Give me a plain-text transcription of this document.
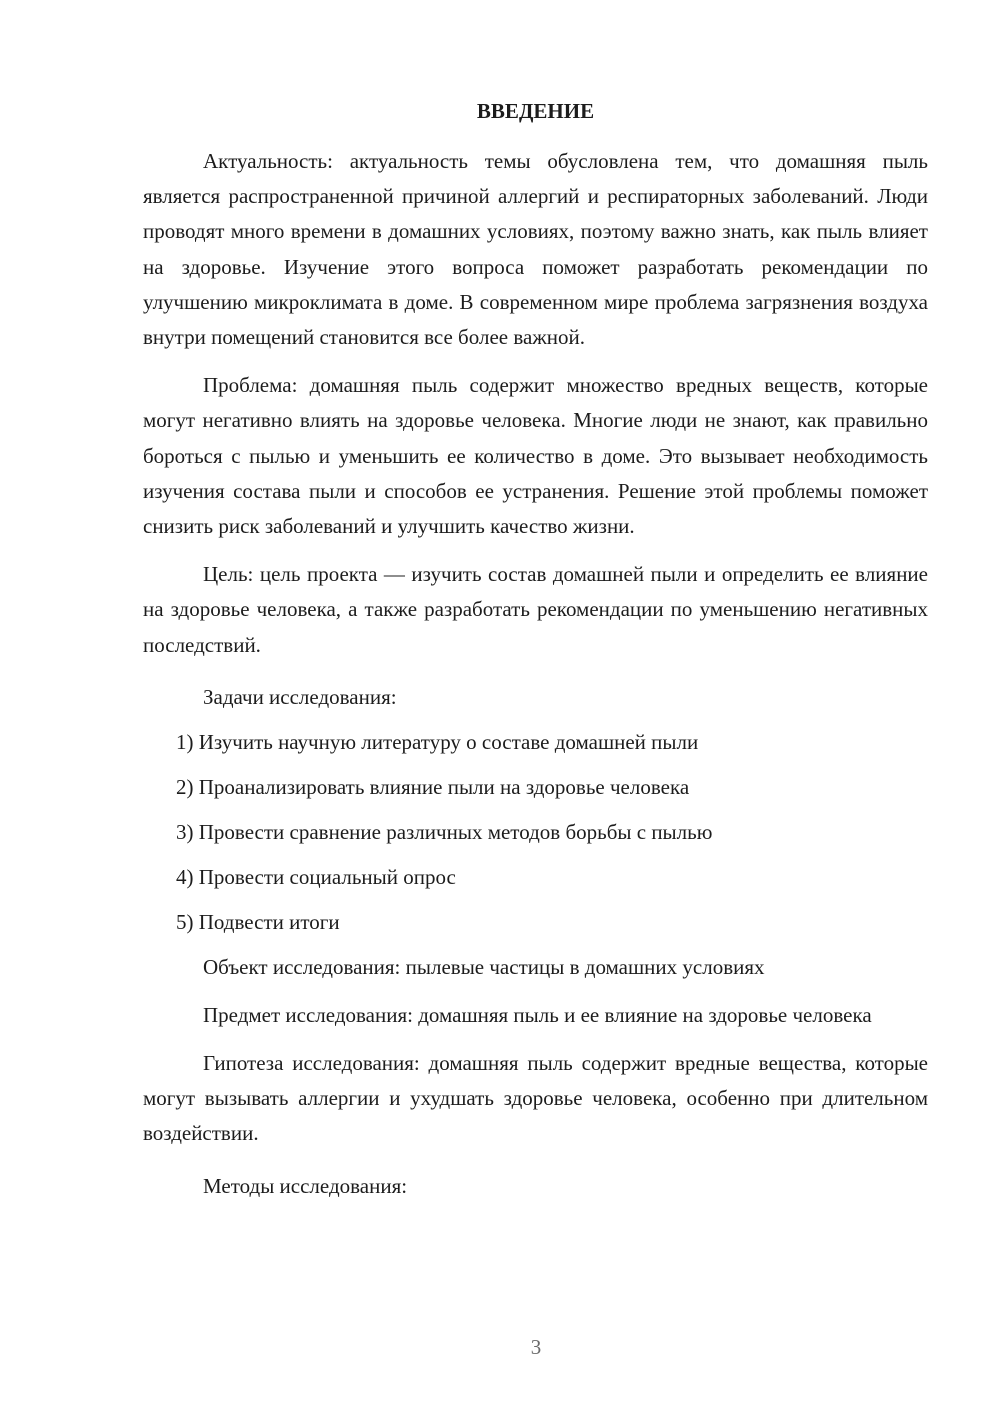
ВВЕДЕНИЕ

Актуальность: актуальность темы обусловлена тем, что домашняя пыль является распространенной причиной аллергий и респираторных заболеваний. Люди проводят много времени в домашних условиях, поэтому важно знать, как пыль влияет на здоровье. Изучение этого вопроса поможет разработать рекомендации по улучшению микроклимата в доме. В современном мире проблема загрязнения воздуха внутри помещений становится все более важной.

Проблема: домашняя пыль содержит множество вредных веществ, которые могут негативно влиять на здоровье человека. Многие люди не знают, как правильно бороться с пылью и уменьшить ее количество в доме. Это вызывает необходимость изучения состава пыли и способов ее устранения. Решение этой проблемы поможет снизить риск заболеваний и улучшить качество жизни.

Цель: цель проекта — изучить состав домашней пыли и определить ее влияние на здоровье человека, а также разработать рекомендации по уменьшению негативных последствий.

Задачи исследования:

1) Изучить научную литературу о составе домашней пыли

2) Проанализировать влияние пыли на здоровье человека

3) Провести сравнение различных методов борьбы с пылью

4) Провести социальный опрос

5) Подвести итоги

Объект исследования: пылевые частицы в домашних условиях

Предмет исследования: домашняя пыль и ее влияние на здоровье человека

Гипотеза исследования: домашняя пыль содержит вредные вещества, которые могут вызывать аллергии и ухудшать здоровье человека, особенно при длительном воздействии.

Методы исследования:

3
